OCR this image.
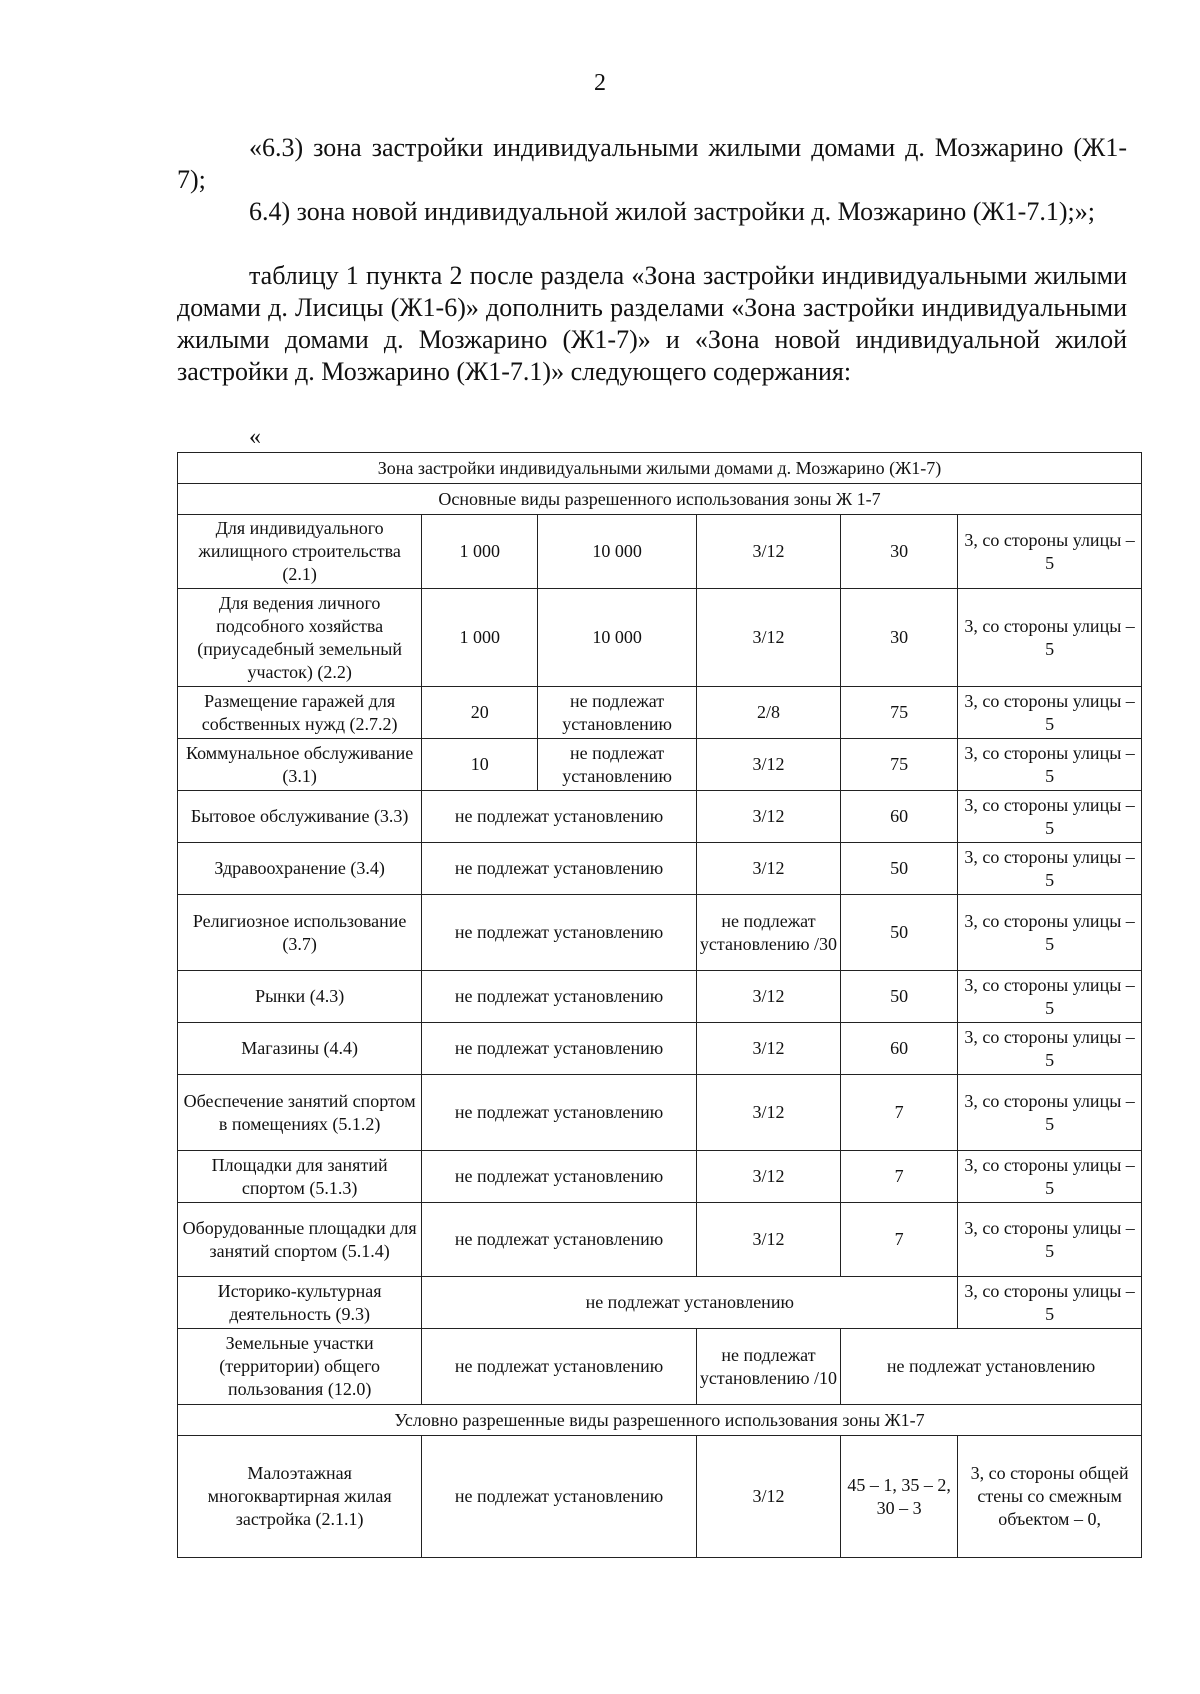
2

«6.3) зона застройки индивидуальными жилыми домами д. Мозжарино (Ж1-7);

6.4) зона новой индивидуальной жилой застройки д. Мозжарино (Ж1-7.1);»;

таблицу 1 пункта 2 после раздела «Зона застройки индивидуальными жилыми домами д. Лисицы (Ж1-6)» дополнить разделами «Зона застройки индивидуальными жилыми домами д. Мозжарино (Ж1-7)» и «Зона новой индивидуальной жилой застройки д. Мозжарино (Ж1-7.1)» следующего содержания:

«
Зона застройки индивидуальными жилыми домами д. Мозжарино (Ж1-7)					
Основные виды разрешенного использования зоны Ж 1-7					
Для индивидуального жилищного строительства (2.1)	1 000	10 000	3/12	30	3, со стороны улицы – 5
Для ведения личного подсобного хозяйства (приусадебный земельный участок) (2.2)	1 000	10 000	3/12	30	3, со стороны улицы – 5
Размещение гаражей для собственных нужд (2.7.2)	20	не подлежат установлению	2/8	75	3, со стороны улицы – 5
Коммунальное обслуживание (3.1)	10	не подлежат установлению	3/12	75	3, со стороны улицы – 5
Бытовое обслуживание (3.3)	не подлежат установлению		3/12	60	3, со стороны улицы – 5
Здравоохранение (3.4)	не подлежат установлению		3/12	50	3, со стороны улицы – 5
Религиозное использование (3.7)	не подлежат установлению		не подлежат установлению /30	50	3, со стороны улицы – 5
Рынки (4.3)	не подлежат установлению		3/12	50	3, со стороны улицы – 5
Магазины (4.4)	не подлежат установлению		3/12	60	3, со стороны улицы – 5
Обеспечение занятий спортом в помещениях (5.1.2)	не подлежат установлению		3/12	7	3, со стороны улицы – 5
Площадки для занятий спортом (5.1.3)	не подлежат установлению		3/12	7	3, со стороны улицы – 5
Оборудованные площадки для занятий спортом (5.1.4)	не подлежат установлению		3/12	7	3, со стороны улицы – 5
Историко-культурная деятельность (9.3)	не подлежат установлению				3, со стороны улицы – 5
Земельные участки (территории) общего пользования (12.0)	не подлежат установлению		не подлежат установлению /10	не подлежат установлению	
Условно разрешенные виды разрешенного использования зоны Ж1-7					
Малоэтажная многоквартирная жилая застройка (2.1.1)	не подлежат установлению		3/12	45 – 1, 35 – 2, 30 – 3	3, со стороны общей стены со смежным объектом – 0,
